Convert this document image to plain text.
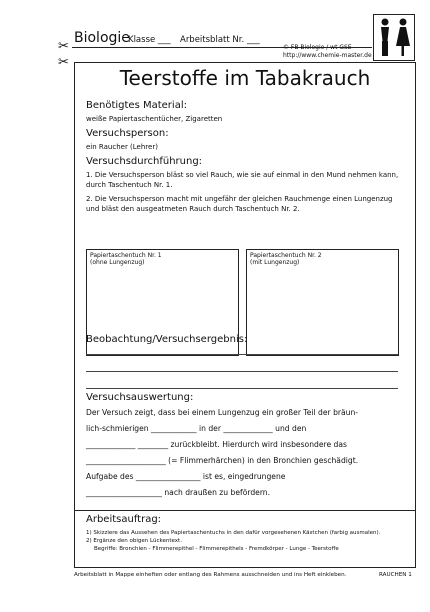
Biologie
Klasse ___ Arbeitsblatt Nr. ___
© FB Biologie / wt GSE
http://www.chemie-master.de
✂
✂
Teerstoffe im Tabakrauch
Benötigtes Material:
weiße Papiertaschentücher, Zigaretten
Versuchsperson:
ein Raucher (Lehrer)
Versuchsdurchführung:
1. Die Versuchsperson bläst so viel Rauch, wie sie auf einmal in den Mund nehmen kann, durch Taschentuch Nr. 1.
2. Die Versuchsperson macht mit ungefähr der gleichen Rauchmenge einen Lungenzug und bläst den ausgeatmeten Rauch durch Taschentuch Nr. 2.
Papiertaschentuch Nr. 1
(ohne Lungenzug)
Papiertaschentuch Nr. 2
(mit Lungenzug)
Beobachtung/Versuchsergebnis:
Versuchsauswertung:
Der Versuch zeigt, dass bei einem Lungenzug ein großer Teil der bräun-
lich-schmierigen ____________ in der _____________ und den
_____________ ________ zurückbleibt. Hierdurch wird insbesondere das
_____________________ (= Flimmerhärchen) in den Bronchien geschädigt.
Aufgabe des _________________ ist es, eingedrungene
____________________ nach draußen zu befördern.
Arbeitsauftrag:
1) Skizziere das Aussehen des Papiertaschentuchs in den dafür vorgesehenen Kästchen (farbig ausmalen).
2) Ergänze den obigen Lückentext.
Begriffe: Bronchien - Flimmerepithel - Flimmerepithels - Fremdkörper - Lunge - Teerstoffe
Arbeitsblatt in Mappe einheften oder entlang des Rahmens ausschneiden und ins Heft einkleben.	RAUCHEN 1
